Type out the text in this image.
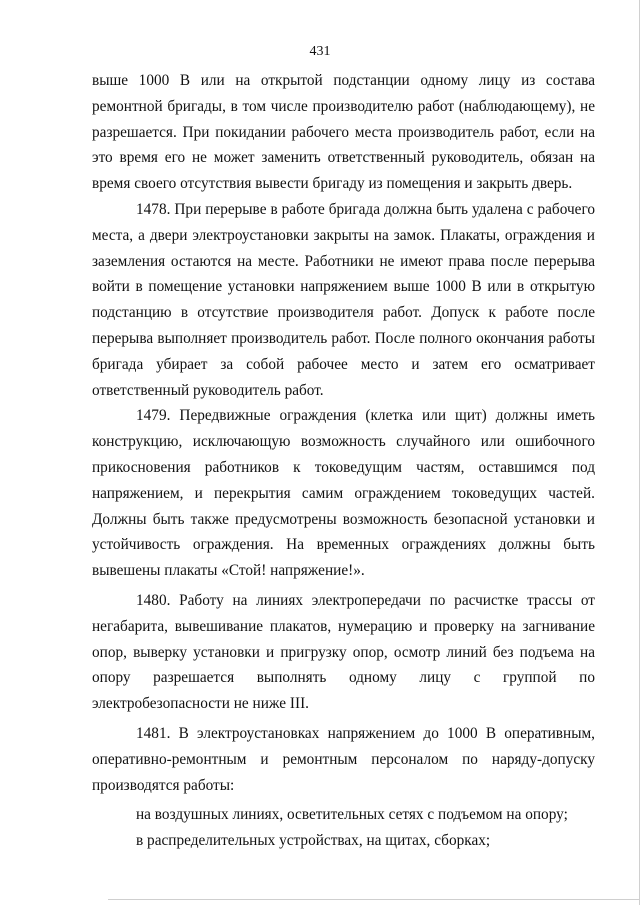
431

выше 1000 В или на открытой подстанции одному лицу из состава ремонтной бригады, в том числе производителю работ (наблюдающему), не разрешается. При покидании рабочего места производитель работ, если на это время его не может заменить ответственный руководитель, обязан на время своего отсутствия вывести бригаду из помещения и закрыть дверь.

1478. При перерыве в работе бригада должна быть удалена с рабочего места, а двери электроустановки закрыты на замок. Плакаты, ограждения и заземления остаются на месте. Работники не имеют права после перерыва войти в помещение установки напряжением выше 1000 В или в открытую подстанцию в отсутствие производителя работ. Допуск к работе после перерыва выполняет производитель работ. После полного окончания работы бригада убирает за собой рабочее место и затем его осматривает ответственный руководитель работ.

1479. Передвижные ограждения (клетка или щит) должны иметь конструкцию, исключающую возможность случайного или ошибочного прикосновения работников к токоведущим частям, оставшимся под напряжением, и перекрытия самим ограждением токоведущих частей. Должны быть также предусмотрены возможность безопасной установки и устойчивость ограждения. На временных ограждениях должны быть вывешены плакаты «Стой! напряжение!».

1480. Работу на линиях электропередачи по расчистке трассы от негабарита, вывешивание плакатов, нумерацию и проверку на загнивание опор, выверку установки и пригрузку опор, осмотр линий без подъема на опору разрешается выполнять одному лицу с группой по электробезопасности не ниже III.

1481. В электроустановках напряжением до 1000 В оперативным, оперативно-ремонтным и ремонтным персоналом по наряду-допуску производятся работы:

на воздушных линиях, осветительных сетях с подъемом на опору;

в распределительных устройствах, на щитах, сборках;
